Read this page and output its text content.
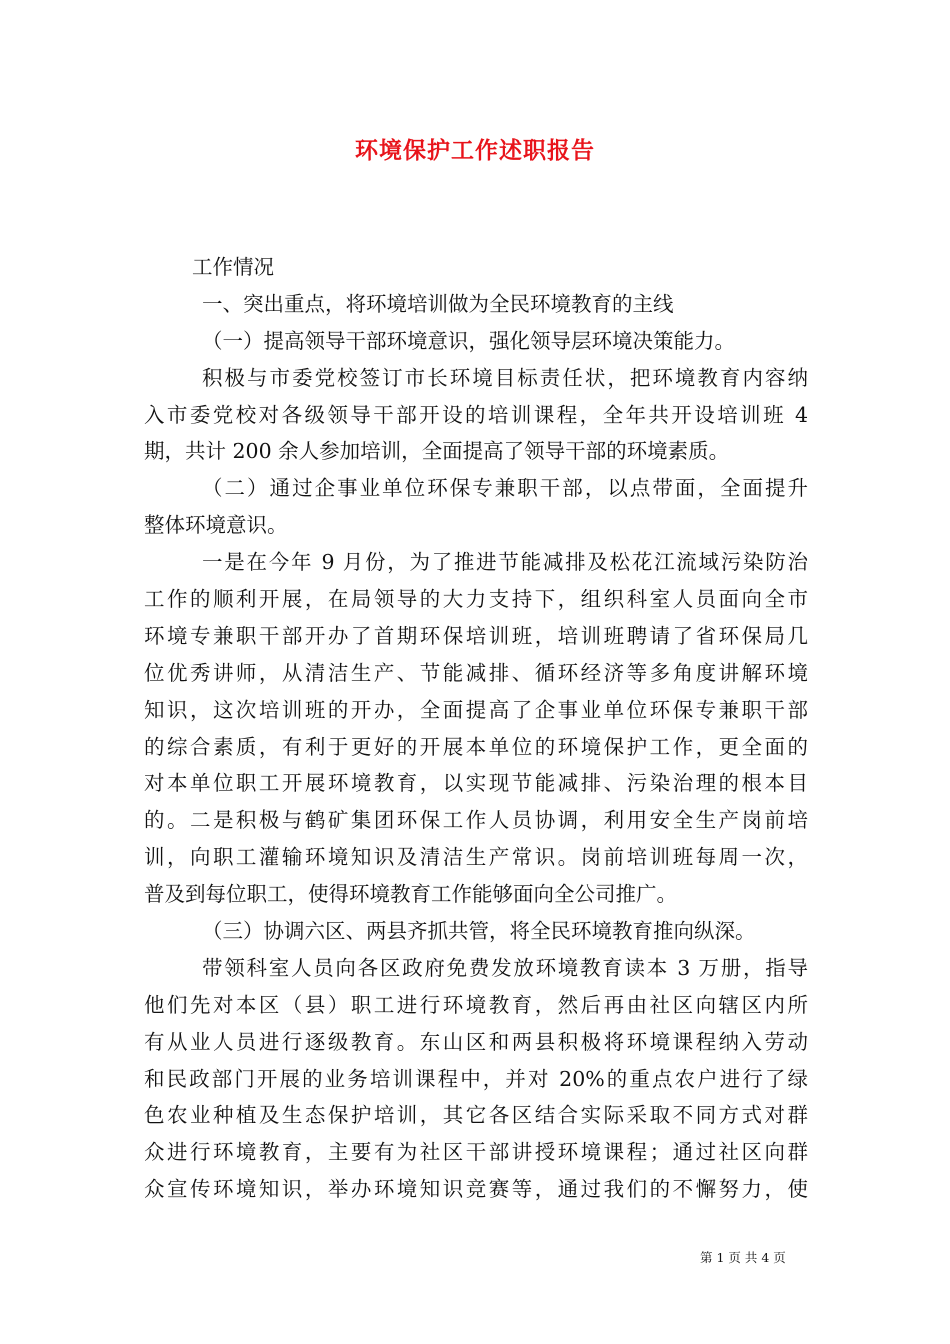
环境保护工作述职报告
工作情况
一、突出重点，将环境培训做为全民环境教育的主线
（一）提高领导干部环境意识，强化领导层环境决策能力。
积极与市委党校签订市长环境目标责任状，把环境教育内容纳
入市委党校对各级领导干部开设的培训课程，全年共开设培训班 4
期，共计 200 余人参加培训，全面提高了领导干部的环境素质。
（二）通过企事业单位环保专兼职干部，以点带面，全面提升
整体环境意识。
一是在今年 9 月份，为了推进节能减排及松花江流域污染防治
工作的顺利开展，在局领导的大力支持下，组织科室人员面向全市
环境专兼职干部开办了首期环保培训班，培训班聘请了省环保局几
位优秀讲师，从清洁生产、节能减排、循环经济等多角度讲解环境
知识，这次培训班的开办，全面提高了企事业单位环保专兼职干部
的综合素质，有利于更好的开展本单位的环境保护工作，更全面的
对本单位职工开展环境教育，以实现节能减排、污染治理的根本目
的。二是积极与鹤矿集团环保工作人员协调，利用安全生产岗前培
训，向职工灌输环境知识及清洁生产常识。岗前培训班每周一次，
普及到每位职工，使得环境教育工作能够面向全公司推广。
（三）协调六区、两县齐抓共管，将全民环境教育推向纵深。
带领科室人员向各区政府免费发放环境教育读本 3 万册，指导
他们先对本区（县）职工进行环境教育，然后再由社区向辖区内所
有从业人员进行逐级教育。东山区和两县积极将环境课程纳入劳动
和民政部门开展的业务培训课程中，并对 20%的重点农户进行了绿
色农业种植及生态保护培训，其它各区结合实际采取不同方式对群
众进行环境教育，主要有为社区干部讲授环境课程；通过社区向群
众宣传环境知识，举办环境知识竞赛等，通过我们的不懈努力，使
第 1 页 共 4 页
